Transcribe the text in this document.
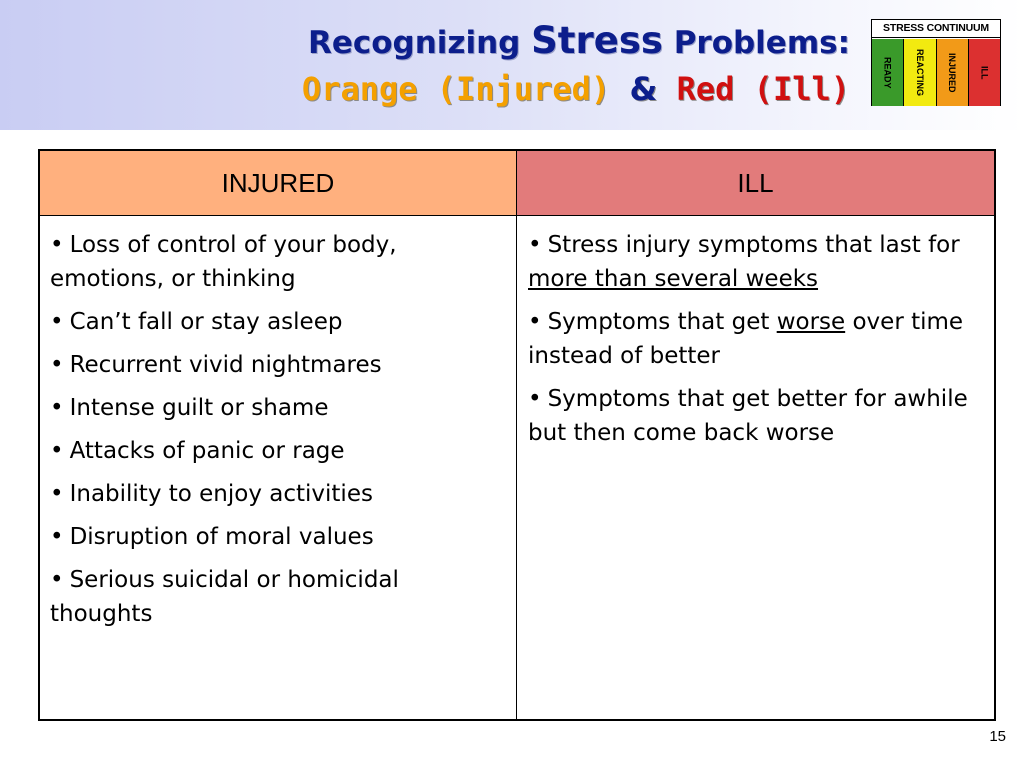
Recognizing Stress Problems:
Orange (Injured) & Red (Ill)
STRESS CONTINUUM
READY REACTING INJURED ILL
INJURED	ILL
• Loss of control of your body, emotions, or thinking
• Can’t fall or stay asleep
• Recurrent vivid nightmares
• Intense guilt or shame
• Attacks of panic or rage
• Inability to enjoy activities
• Disruption of moral values
• Serious suicidal or homicidal thoughts
• Stress injury symptoms that last for more than several weeks
• Symptoms that get worse over time instead of better
• Symptoms that get better for awhile but then come back worse
15
